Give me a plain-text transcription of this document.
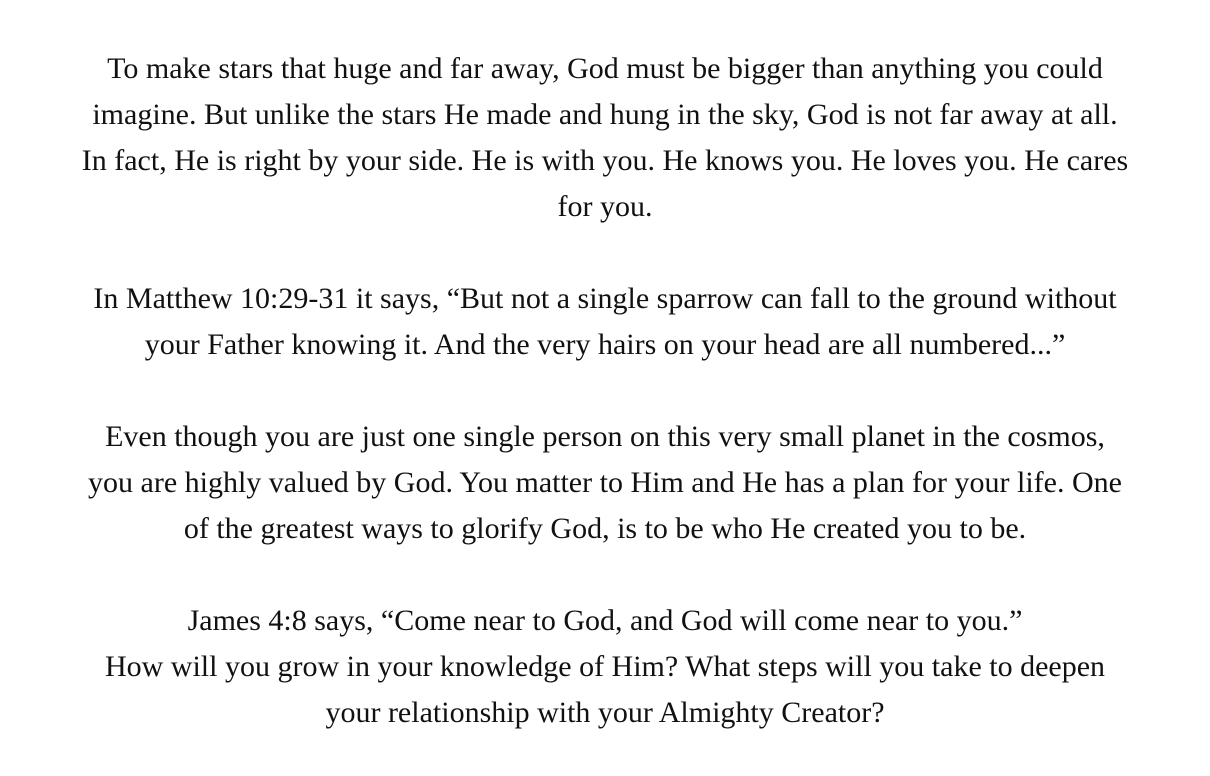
To make stars that huge and far away, God must be bigger than anything you could
imagine. But unlike the stars He made and hung in the sky, God is not far away at all.
In fact, He is right by your side. He is with you. He knows you. He loves you. He cares
for you.

In Matthew 10:29-31 it says, “But not a single sparrow can fall to the ground without
your Father knowing it. And the very hairs on your head are all numbered...”

Even though you are just one single person on this very small planet in the cosmos,
you are highly valued by God. You matter to Him and He has a plan for your life. One
of the greatest ways to glorify God, is to be who He created you to be.

James 4:8 says, “Come near to God, and God will come near to you.”
How will you grow in your knowledge of Him? What steps will you take to deepen
your relationship with your Almighty Creator?
